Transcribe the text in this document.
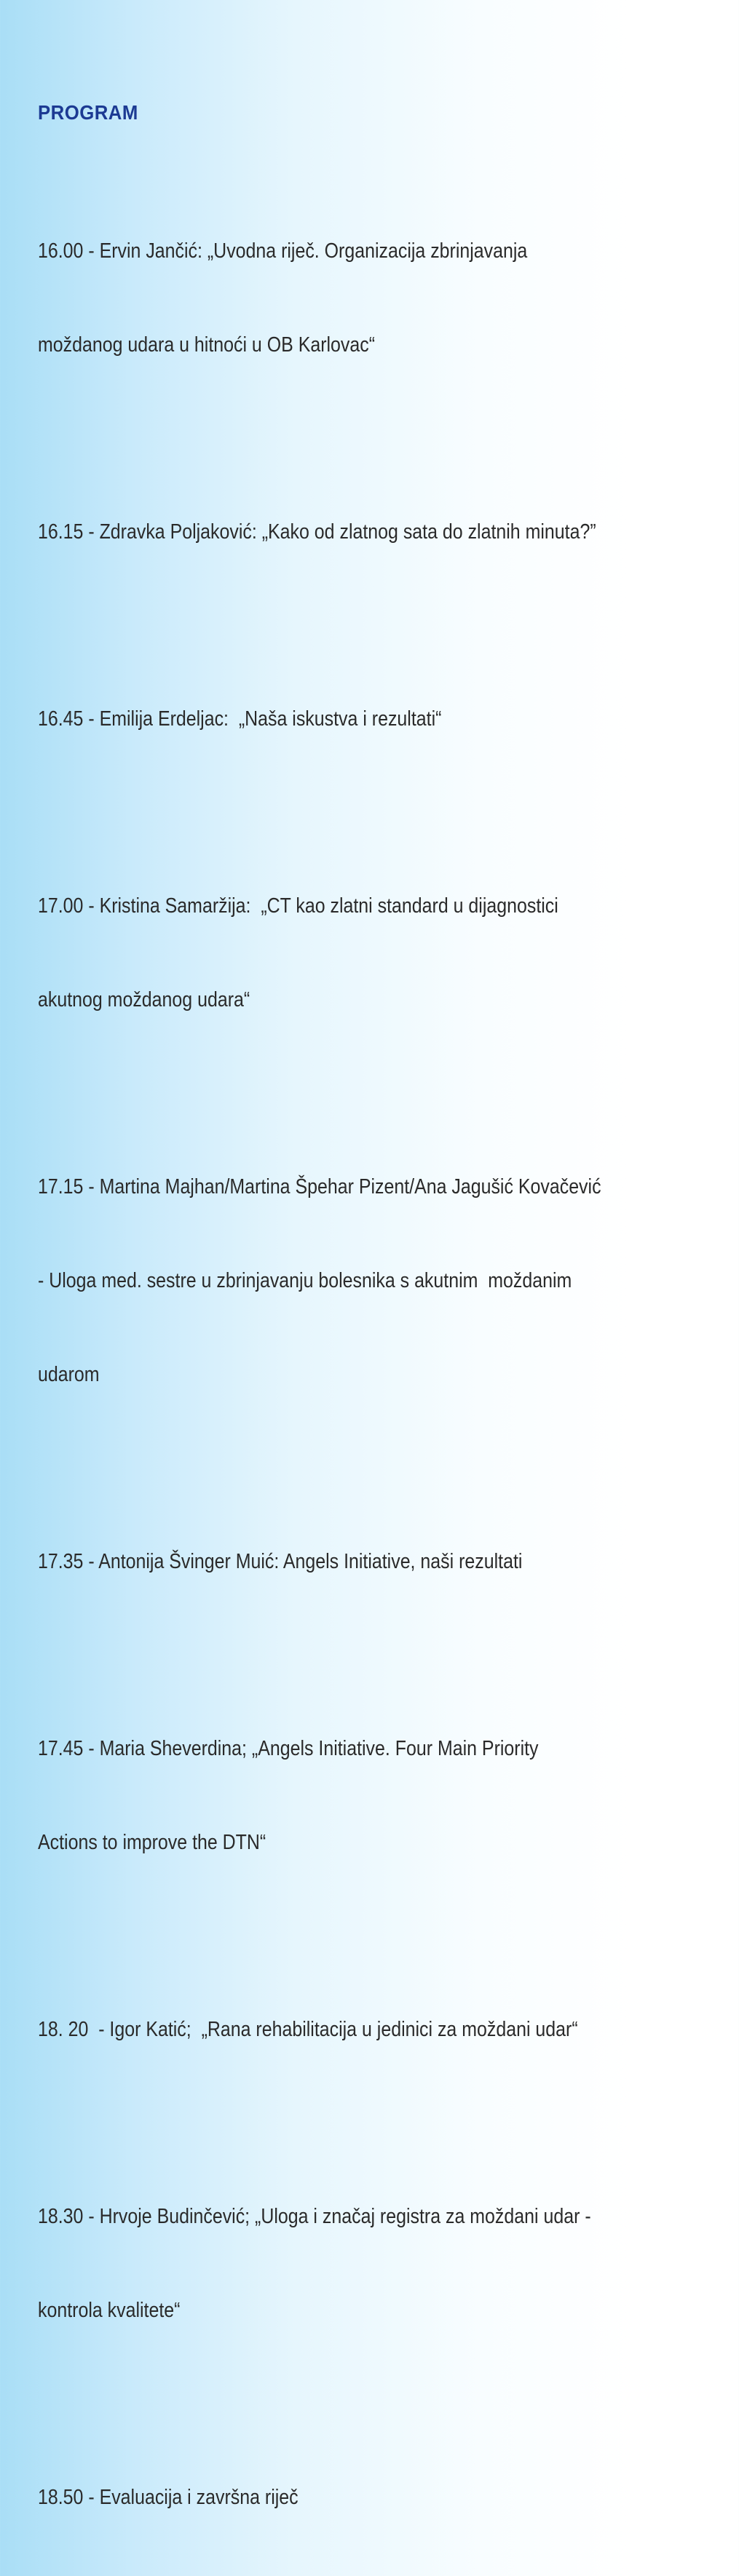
PROGRAM

16.00 - Ervin Jančić: „Uvodna riječ. Organizacija zbrinjavanja

moždanog udara u hitnoći u OB Karlovac“

16.15 - Zdravka Poljaković: „Kako od zlatnog sata do zlatnih minuta?”

16.45 - Emilija Erdeljac:  „Naša iskustva i rezultati“

17.00 - Kristina Samaržija:  „CT kao zlatni standard u dijagnostici

akutnog moždanog udara“

17.15 - Martina Majhan/Martina Špehar Pizent/Ana Jagušić Kovačević

- Uloga med. sestre u zbrinjavanju bolesnika s akutnim  moždanim

udarom

17.35 - Antonija Švinger Muić: Angels Initiative, naši rezultati

17.45 - Maria Sheverdina; „Angels Initiative. Four Main Priority

Actions to improve the DTN“

18. 20  - Igor Katić;  „Rana rehabilitacija u jedinici za moždani udar“

18.30 - Hrvoje Budinčević; „Uloga i značaj registra za moždani udar -

kontrola kvalitete“

18.50 - Evaluacija i završna riječ
